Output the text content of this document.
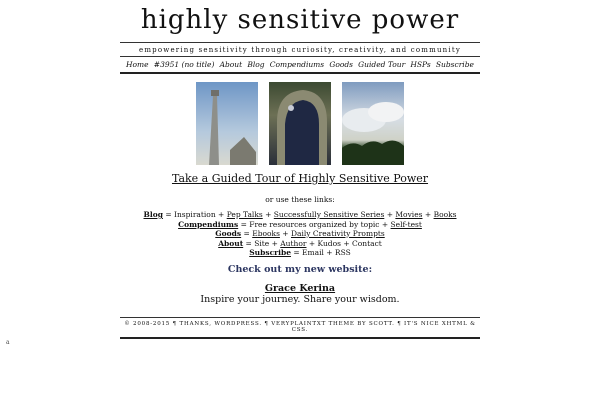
highly sensitive power
empowering sensitivity through curiosity, creativity, and community
Home #3951 (no title) About Blog Compendiums Goods Guided Tour HSPs Subscribe
Take a Guided Tour of Highly Sensitive Power
or use these links:
Blog = Inspiration + Pep Talks + Successfully Sensitive Series + Movies + Books
Compendiums = Free resources organized by topic + Self-test
Goods = Ebooks + Daily Creativity Prompts
About = Site + Author + Kudos + Contact
Subscribe = Email + RSS
Check out my new website:
Grace Kerina
Inspire your journey. Share your wisdom.
© 2008-2015 ¶ THANKS, WORDPRESS. ¶ VERYPLAINTXT THEME BY SCOTT. ¶ IT'S NICE XHTML & CSS.
a
